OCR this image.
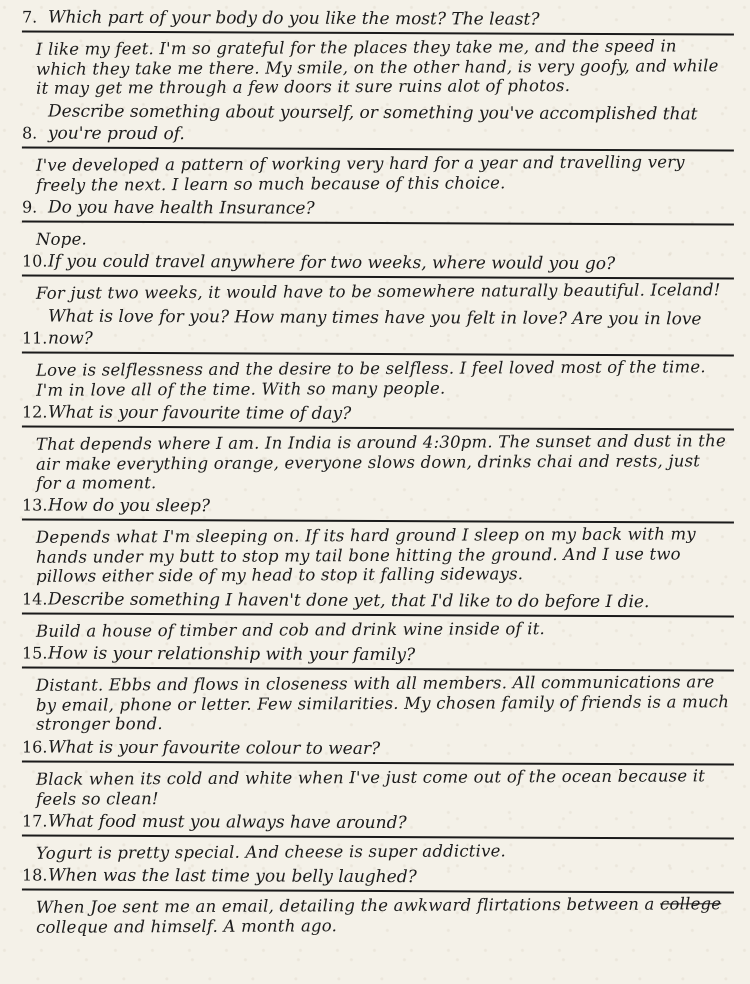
7. Which part of your body do you like the most? The least?
I like my feet. I'm so grateful for the places they take me, and the speed in which they take me there. My smile, on the other hand, is very goofy, and while it may get me through a few doors it sure ruins alot of photos.
8.
Describe something about yourself, or something you've accomplished that you're proud of.
I've developed a pattern of working very hard for a year and travelling very freely the next. I learn so much because of this choice.
9. Do you have health Insurance?
Nope.
10. If you could travel anywhere for two weeks, where would you go?
For just two weeks, it would have to be somewhere naturally beautiful. Iceland!
11.
What is love for you? How many times have you felt in love? Are you in love now?
Love is selflessness and the desire to be selfless. I feel loved most of the time. I'm in love all of the time. With so many people.
12. What is your favourite time of day?
That depends where I am. In India is around 4:30pm. The sunset and dust in the air make everything orange, everyone slows down, drinks chai and rests, just for a moment.
13. How do you sleep?
Depends what I'm sleeping on. If its hard ground I sleep on my back with my hands under my butt to stop my tail bone hitting the ground. And I use two pillows either side of my head to stop it falling sideways.
14. Describe something I haven't done yet, that I'd like to do before I die.
Build a house of timber and cob and drink wine inside of it.
15. How is your relationship with your family?
Distant. Ebbs and flows in closeness with all members. All communications are by email, phone or letter. Few similarities. My chosen family of friends is a much stronger bond.
16. What is your favourite colour to wear?
Black when its cold and white when I've just come out of the ocean because it feels so clean!
17. What food must you always have around?
Yogurt is pretty special. And cheese is super addictive.
18. When was the last time you belly laughed?
When Joe sent me an email, detailing the awkward flirtations between a college colleque and himself. A month ago.
